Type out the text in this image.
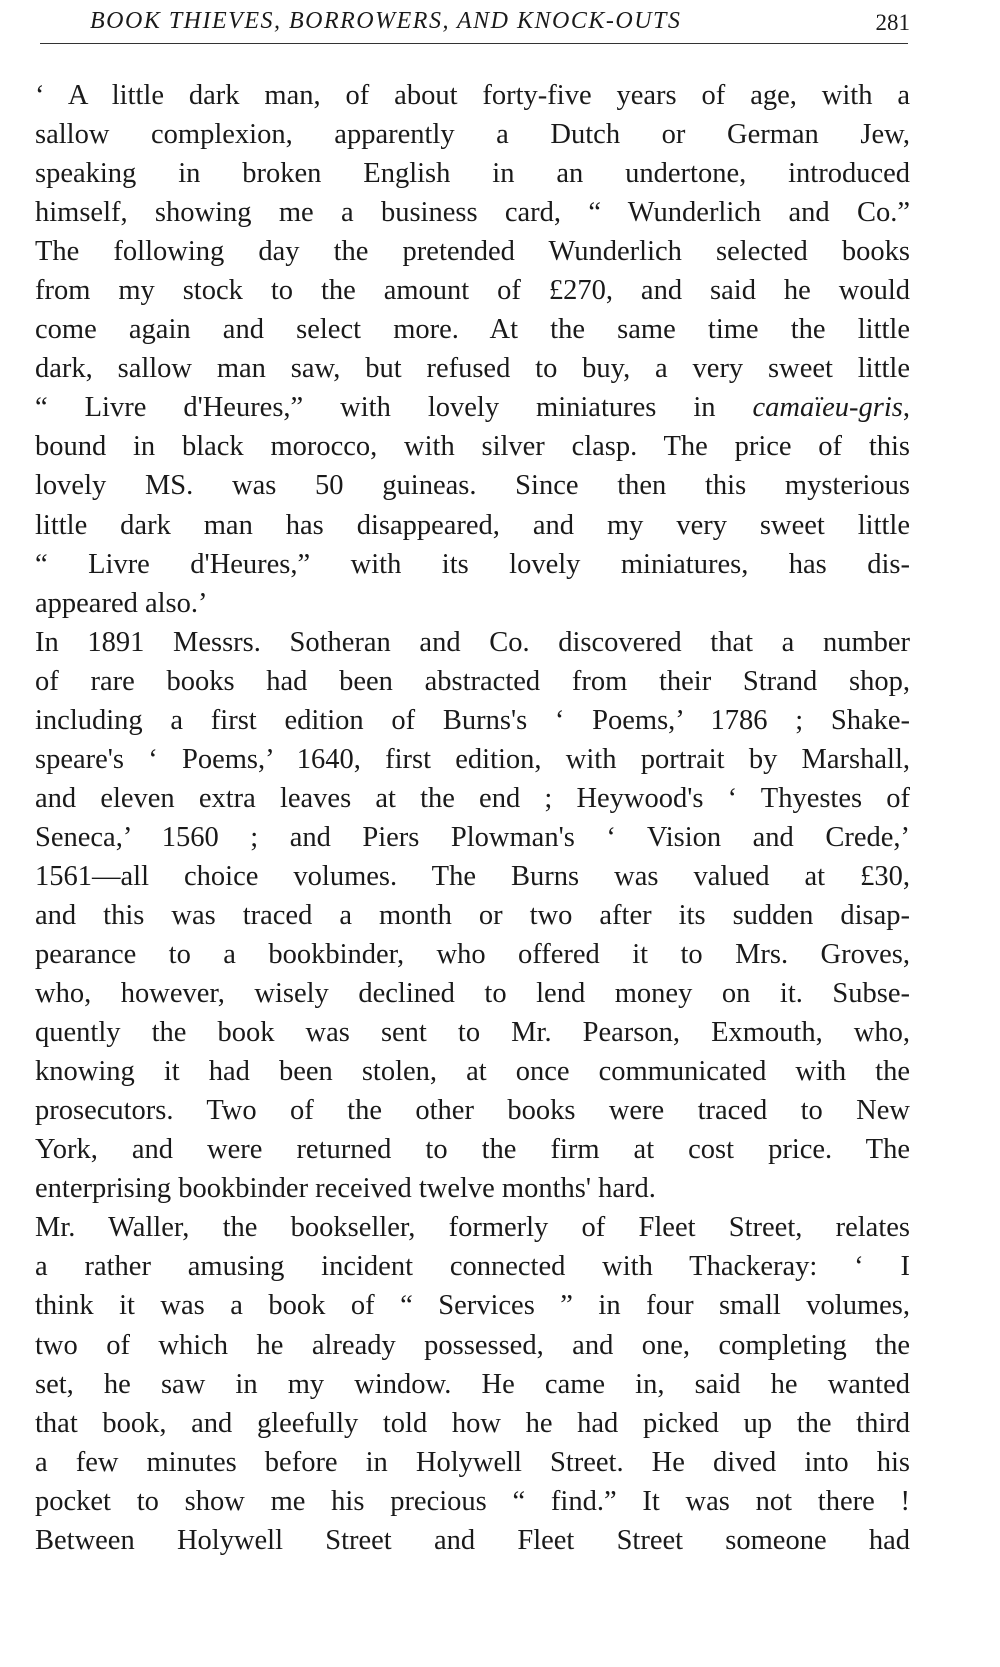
BOOK THIEVES, BORROWERS, AND KNOCK-OUTS	281
‘ A little dark man, of about forty-five years of age, with a
sallow complexion, apparently a Dutch or German Jew,
speaking in broken English in an undertone, introduced
himself, showing me a business card, “ Wunderlich and Co.”
The following day the pretended Wunderlich selected books
from my stock to the amount of £270, and said he would
come again and select more. At the same time the little
dark, sallow man saw, but refused to buy, a very sweet little
“ Livre d'Heures,” with lovely miniatures in camaïeu-gris,
bound in black morocco, with silver clasp. The price of this
lovely MS. was 50 guineas. Since then this mysterious
little dark man has disappeared, and my very sweet little
“ Livre d'Heures,” with its lovely miniatures, has dis-
appeared also.’
In 1891 Messrs. Sotheran and Co. discovered that a number
of rare books had been abstracted from their Strand shop,
including a first edition of Burns's ‘ Poems,’ 1786 ; Shake-
speare's ‘ Poems,’ 1640, first edition, with portrait by Marshall,
and eleven extra leaves at the end ; Heywood's ‘ Thyestes of
Seneca,’ 1560 ; and Piers Plowman's ‘ Vision and Crede,’
1561—all choice volumes. The Burns was valued at £30,
and this was traced a month or two after its sudden disap-
pearance to a bookbinder, who offered it to Mrs. Groves,
who, however, wisely declined to lend money on it. Subse-
quently the book was sent to Mr. Pearson, Exmouth, who,
knowing it had been stolen, at once communicated with the
prosecutors. Two of the other books were traced to New
York, and were returned to the firm at cost price. The
enterprising bookbinder received twelve months' hard.
Mr. Waller, the bookseller, formerly of Fleet Street, relates
a rather amusing incident connected with Thackeray: ‘ I
think it was a book of “ Services ” in four small volumes,
two of which he already possessed, and one, completing the
set, he saw in my window. He came in, said he wanted
that book, and gleefully told how he had picked up the third
a few minutes before in Holywell Street. He dived into his
pocket to show me his precious “ find.” It was not there !
Between Holywell Street and Fleet Street someone had
